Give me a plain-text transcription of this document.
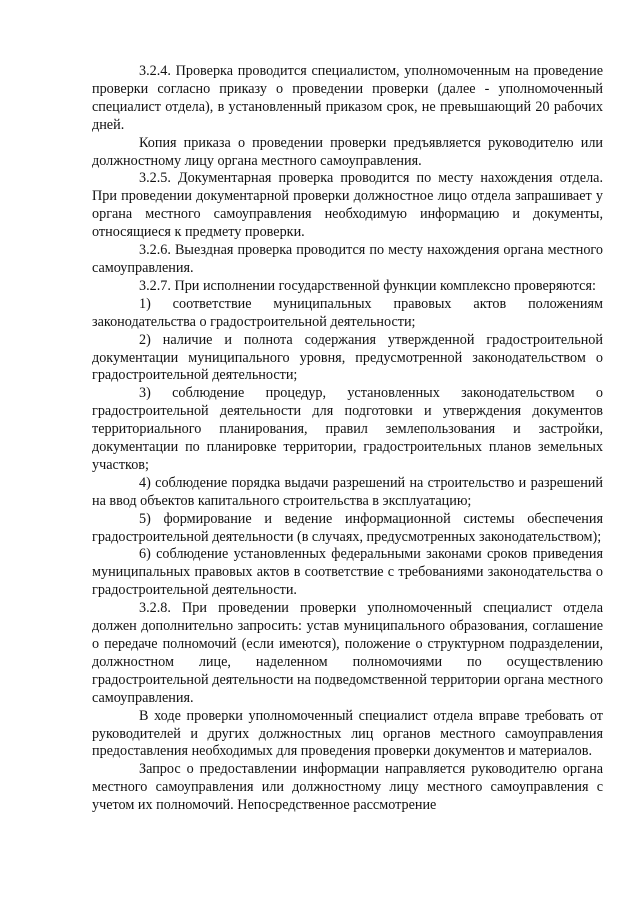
3.2.4. Проверка проводится специалистом, уполномоченным на проведение проверки согласно приказу о проведении проверки (далее - уполномоченный специалист отдела), в установленный приказом срок, не превышающий 20 рабочих дней.

Копия приказа о проведении проверки предъявляется руководителю или должностному лицу органа местного самоуправления.

3.2.5. Документарная проверка проводится по месту нахождения отдела. При проведении документарной проверки должностное лицо отдела запрашивает у органа местного самоуправления необходимую информацию и документы, относящиеся к предмету проверки.

3.2.6. Выездная проверка проводится по месту нахождения органа местного самоуправления.

3.2.7. При исполнении государственной функции комплексно проверяются:

1) соответствие муниципальных правовых актов положениям законодательства о градостроительной деятельности;

2) наличие и полнота содержания утвержденной градостроительной документации муниципального уровня, предусмотренной законодательством о градостроительной деятельности;

3) соблюдение процедур, установленных законодательством о градостроительной деятельности для подготовки и утверждения документов территориального планирования, правил землепользования и застройки, документации по планировке территории, градостроительных планов земельных участков;

4) соблюдение порядка выдачи разрешений на строительство и разрешений на ввод объектов капитального строительства в эксплуатацию;

5) формирование и ведение информационной системы обеспечения градостроительной деятельности (в случаях, предусмотренных законодательством);

6) соблюдение установленных федеральными законами сроков приведения муниципальных правовых актов в соответствие с требованиями законодательства о градостроительной деятельности.

3.2.8. При проведении проверки уполномоченный специалист отдела должен дополнительно запросить: устав муниципального образования, соглашение о передаче полномочий (если имеются), положение о структурном подразделении, должностном лице, наделенном полномочиями по осуществлению градостроительной деятельности на подведомственной территории органа местного самоуправления.

В ходе проверки уполномоченный специалист отдела вправе требовать от руководителей и других должностных лиц органов местного самоуправления предоставления необходимых для проведения проверки документов и материалов.

Запрос о предоставлении информации направляется руководителю органа местного самоуправления или должностному лицу местного самоуправления с учетом их полномочий. Непосредственное рассмотрение
